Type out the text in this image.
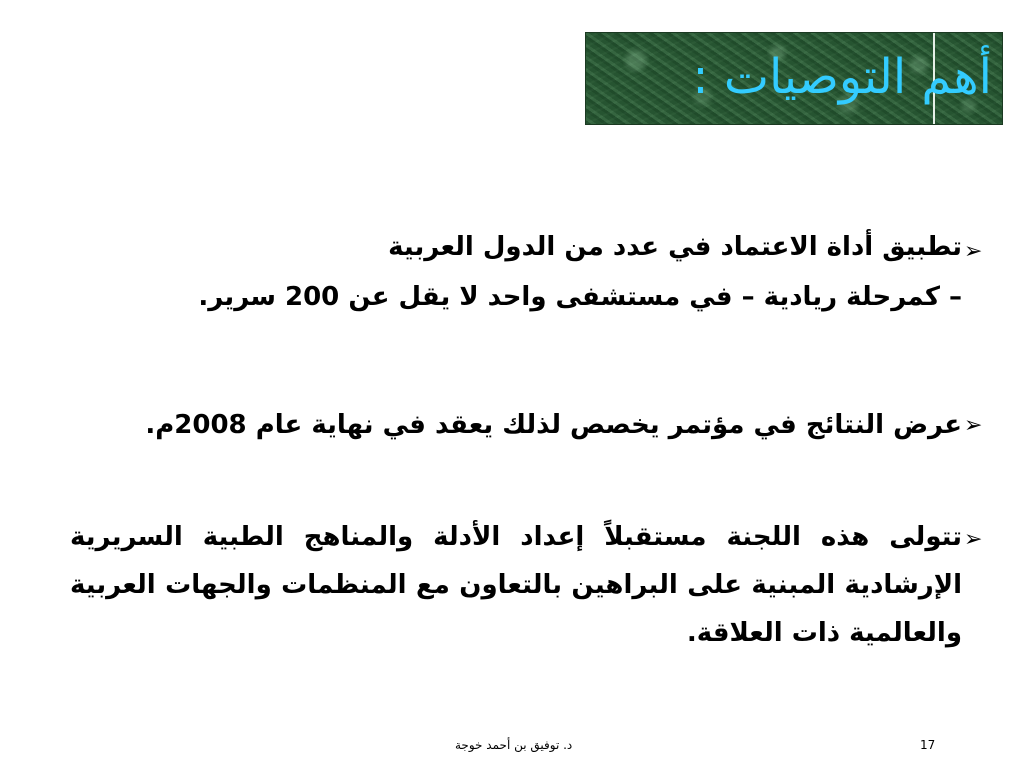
أهم التوصيات :
➢
تطبيق أداة الاعتماد في عدد من الدول العربية
– كمرحلة ريادية – في مستشفى واحد لا يقل عن 200 سرير.
➢
عرض النتائج في مؤتمر يخصص لذلك يعقد في نهاية عام 2008م.
➢
تتولى هذه اللجنة مستقبلاً إعداد الأدلة والمناهج الطبية السريرية الإرشادية المبنية على البراهين بالتعاون مع المنظمات والجهات العربية والعالمية ذات العلاقة.
د. توفيق بن أحمد خوجة	17
